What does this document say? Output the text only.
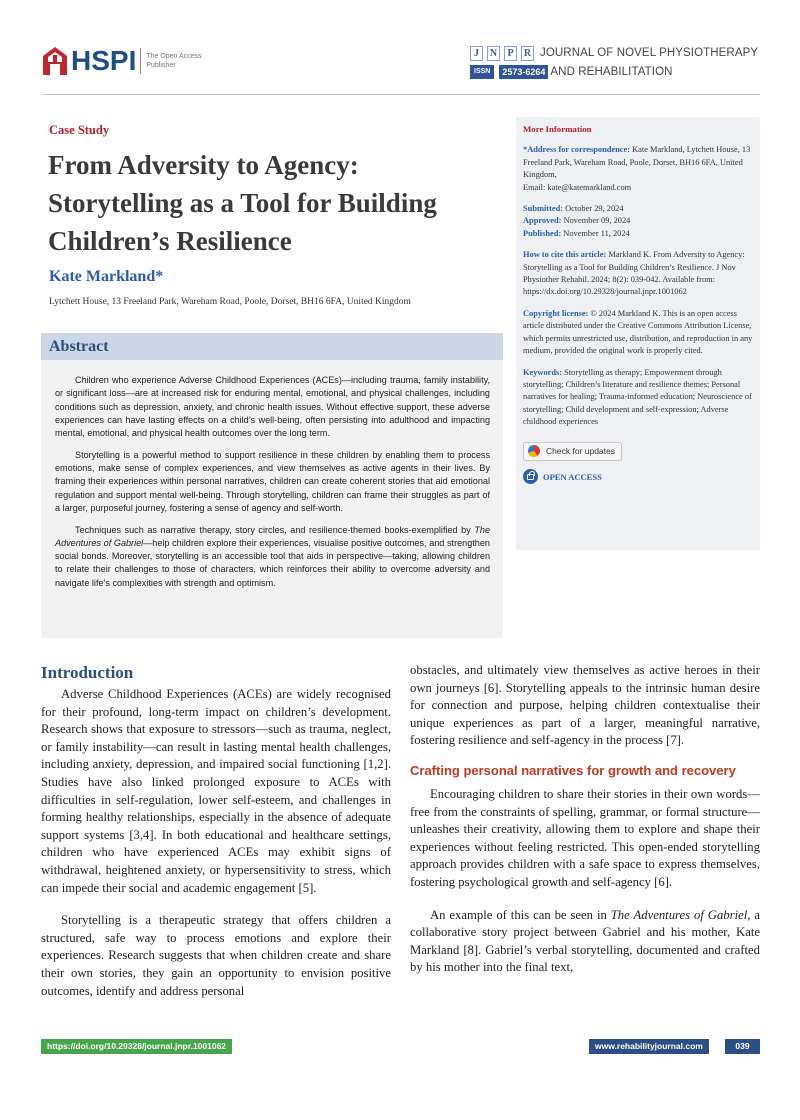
HSPI The Open Access Publisher
J	N	P	R JOURNAL OF NOVEL PHYSIOTHERAPY
ISSN	2573-6264 AND REHABILITATION
Case Study
From Adversity to Agency: Storytelling as a Tool for Building Children’s Resilience
Kate Markland*
Lytchett House, 13 Freeland Park, Wareham Road, Poole, Dorset, BH16 6FA, United Kingdom
Abstract

Children who experience Adverse Childhood Experiences (ACEs)—including trauma, family instability, or significant loss—are at increased risk for enduring mental, emotional, and physical challenges, including conditions such as depression, anxiety, and chronic health issues. Without effective support, these adverse experiences can have lasting effects on a child’s well-being, often persisting into adulthood and impacting mental, emotional, and physical health outcomes over the long term.

Storytelling is a powerful method to support resilience in these children by enabling them to process emotions, make sense of complex experiences, and view themselves as active agents in their lives. By framing their experiences within personal narratives, children can create coherent stories that aid emotional regulation and support mental well-being. Through storytelling, children can frame their struggles as part of a larger, purposeful journey, fostering a sense of agency and self-worth.

Techniques such as narrative therapy, story circles, and resilience-themed books-exemplified by The Adventures of Gabriel—help children explore their experiences, visualise positive outcomes, and strengthen social bonds. Moreover, storytelling is an accessible tool that aids in perspective—taking, allowing children to relate their challenges to those of characters, which reinforces their ability to overcome adversity and navigate life’s complexities with strength and optimism.

More Information
*Address for correspondence: Kate Markland, Lytchett House, 13 Freeland Park, Wareham Road, Poole, Dorset, BH16 6FA, United Kingdom,
Email: kate@katemarkland.com
Submitted: October 29, 2024
Approved: November 09, 2024
Published: November 11, 2024
How to cite this article: Markland K. From Adversity to Agency: Storytelling as a Tool for Building Children’s Resilience. J Nov Physiother Rehabil. 2024; 8(2): 039-042. Available from:
https://dx.doi.org/10.29328/journal.jnpr.1001062
Copyright license: © 2024 Markland K. This is an open access article distributed under the Creative Commons Attribution License, which permits unrestricted use, distribution, and reproduction in any medium, provided the original work is properly cited.
Keywords: Storytelling as therapy; Empowerment through storytelling; Children’s literature and resilience themes; Personal narratives for healing; Trauma-informed education; Neuroscience of storytelling; Child development and self-expression; Adverse childhood experiences
Check for updates
OPEN ACCESS
Introduction

Adverse Childhood Experiences (ACEs) are widely recognised for their profound, long-term impact on children’s development. Research shows that exposure to stressors—such as trauma, neglect, or family instability—can result in lasting mental health challenges, including anxiety, depression, and impaired social functioning [1,2]. Studies have also linked prolonged exposure to ACEs with difficulties in self-regulation, lower self-esteem, and challenges in forming healthy relationships, especially in the absence of adequate support systems [3,4]. In both educational and healthcare settings, children who have experienced ACEs may exhibit signs of withdrawal, heightened anxiety, or hypersensitivity to stress, which can impede their social and academic engagement [5].

Storytelling is a therapeutic strategy that offers children a structured, safe way to process emotions and explore their experiences. Research suggests that when children create and share their own stories, they gain an opportunity to envision positive outcomes, identify and address personal

obstacles, and ultimately view themselves as active heroes in their own journeys [6]. Storytelling appeals to the intrinsic human desire for connection and purpose, helping children contextualise their unique experiences as part of a larger, meaningful narrative, fostering resilience and self-agency in the process [7].

Crafting personal narratives for growth and recovery

Encouraging children to share their stories in their own words—free from the constraints of spelling, grammar, or formal structure—unleashes their creativity, allowing them to explore and shape their experiences without feeling restricted. This open-ended storytelling approach provides children with a safe space to express themselves, fostering psychological growth and self-agency [6].

An example of this can be seen in The Adventures of Gabriel, a collaborative story project between Gabriel and his mother, Kate Markland [8]. Gabriel’s verbal storytelling, documented and crafted by his mother into the final text,

https://doi.org/10.29328/journal.jnpr.1001062	www.rehabilityjournal.com	039
